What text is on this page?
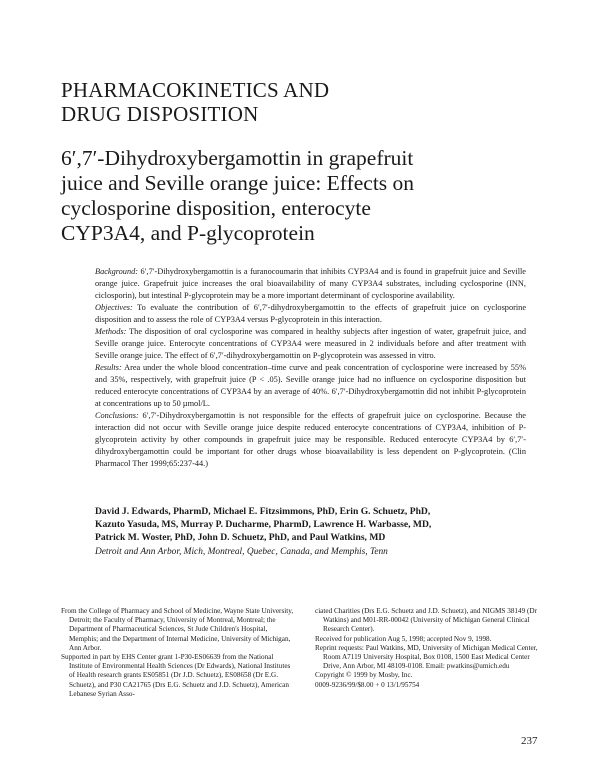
PHARMACOKINETICS AND
DRUG DISPOSITION
6′,7′-Dihydroxybergamottin in grapefruit
juice and Seville orange juice: Effects on
cyclosporine disposition, enterocyte
CYP3A4, and P-glycoprotein

Background: 6′,7′-Dihydroxybergamottin is a furanocoumarin that inhibits CYP3A4 and is found in grapefruit juice and Seville orange juice. Grapefruit juice increases the oral bioavailability of many CYP3A4 substrates, including cyclosporine (INN, ciclosporin), but intestinal P-glycoprotein may be a more important determinant of cyclosporine availability.

Objectives: To evaluate the contribution of 6′,7′-dihydroxybergamottin to the effects of grapefruit juice on cyclosporine disposition and to assess the role of CYP3A4 versus P-glycoprotein in this interaction.

Methods: The disposition of oral cyclosporine was compared in healthy subjects after ingestion of water, grapefruit juice, and Seville orange juice. Enterocyte concentrations of CYP3A4 were measured in 2 individuals before and after treatment with Seville orange juice. The effect of 6′,7′-dihydroxybergamottin on P-glycoprotein was assessed in vitro.

Results: Area under the whole blood concentration–time curve and peak concentration of cyclosporine were increased by 55% and 35%, respectively, with grapefruit juice (P < .05). Seville orange juice had no influence on cyclosporine disposition but reduced enterocyte concentrations of CYP3A4 by an average of 40%. 6′,7′-Dihydroxybergamottin did not inhibit P-glycoprotein at concentrations up to 50 µmol/L.

Conclusions: 6′,7′-Dihydroxybergamottin is not responsible for the effects of grapefruit juice on cyclosporine. Because the interaction did not occur with Seville orange juice despite reduced enterocyte concentrations of CYP3A4, inhibition of P-glycoprotein activity by other compounds in grapefruit juice may be responsible. Reduced enterocyte CYP3A4 by 6′,7′-dihydroxybergamottin could be important for other drugs whose bioavailability is less dependent on P-glycoprotein. (Clin Pharmacol Ther 1999;65:237-44.)

David J. Edwards, PharmD, Michael E. Fitzsimmons, PhD, Erin G. Schuetz, PhD,
Kazuto Yasuda, MS, Murray P. Ducharme, PharmD, Lawrence H. Warbasse, MD,
Patrick M. Woster, PhD, John D. Schuetz, PhD, and Paul Watkins, MD
Detroit and Ann Arbor, Mich, Montreal, Quebec, Canada, and Memphis, Tenn

From the College of Pharmacy and School of Medicine, Wayne State University, Detroit; the Faculty of Pharmacy, University of Montreal, Montreal; the Department of Pharmaceutical Sciences, St Jude Children's Hospital, Memphis; and the Department of Internal Medicine, University of Michigan, Ann Arbor.

Supported in part by EHS Center grant 1-P30-ES06639 from the National Institute of Environmental Health Sciences (Dr Edwards), National Institutes of Health research grants ES05851 (Dr J.D. Schuetz), ES08658 (Dr E.G. Schuetz), and P30 CA21765 (Drs E.G. Schuetz and J.D. Schuetz), American Lebanese Syrian Asso-

ciated Charities (Drs E.G. Schuetz and J.D. Schuetz), and NIGMS 38149 (Dr Watkins) and M01-RR-00042 (University of Michigan General Clinical Research Center).

Received for publication Aug 5, 1998; accepted Nov 9, 1998.

Reprint requests: Paul Watkins, MD, University of Michigan Medical Center, Room A7119 University Hospital, Box 0108, 1500 East Medical Center Drive, Ann Arbor, MI 48109-0108. Email: pwatkins@umich.edu

Copyright © 1999 by Mosby, Inc.

0009-9236/99/$8.00 + 0 13/1/95754

237
